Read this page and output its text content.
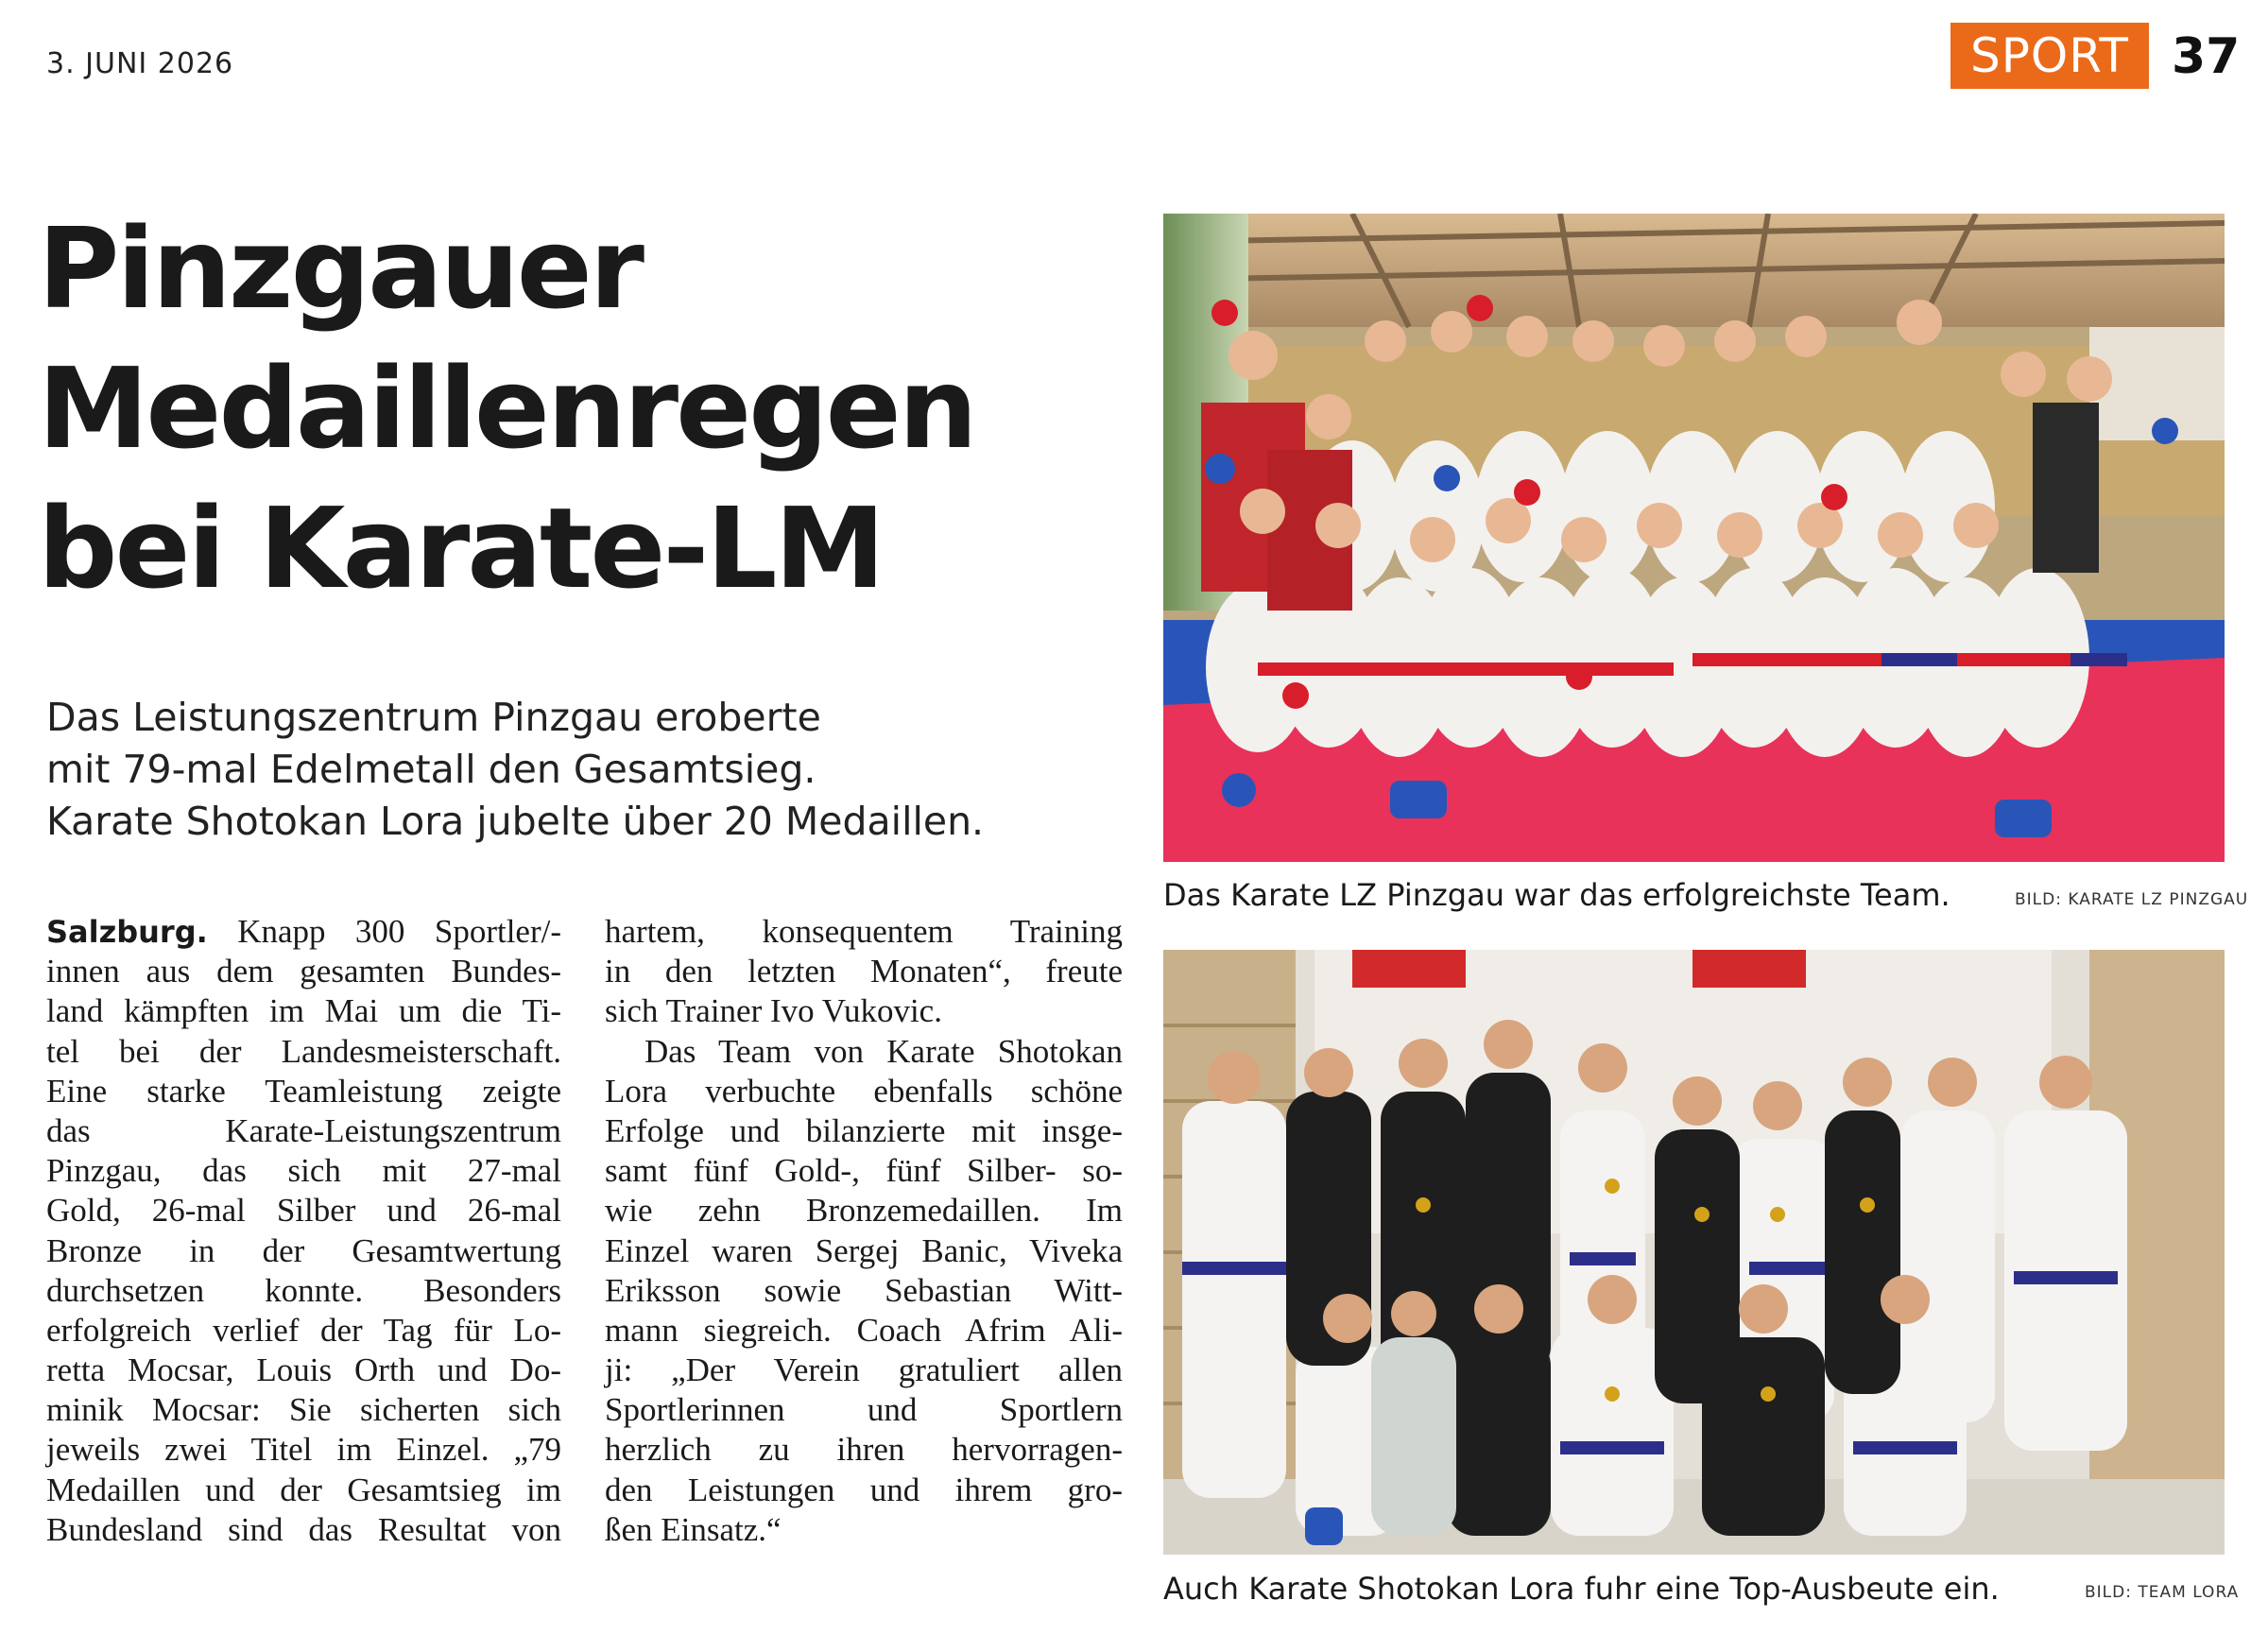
3. JUNI 2026	SPORT 37
Pinzgauer
Medaillenregen
bei Karate-LM
Das Leistungszentrum Pinzgau eroberte
mit 79-mal Edelmetall den Gesamtsieg.
Karate Shotokan Lora jubelte über 20 Medaillen.
Salzburg. Knapp 300 Sportler/-
innen aus dem gesamten Bundes-
land kämpften im Mai um die Ti-
tel bei der Landesmeisterschaft.
Eine starke Teamleistung zeigte
das Karate-Leistungszentrum
Pinzgau, das sich mit 27-mal
Gold, 26-mal Silber und 26-mal
Bronze in der Gesamtwertung
durchsetzen konnte. Besonders
erfolgreich verlief der Tag für Lo-
retta Mocsar, Louis Orth und Do-
minik Mocsar: Sie sicherten sich
jeweils zwei Titel im Einzel. „79
Medaillen und der Gesamtsieg im
Bundesland sind das Resultat von
hartem, konsequentem Training
in den letzten Monaten“, freute
sich Trainer Ivo Vukovic.
Das Team von Karate Shotokan
Lora verbuchte ebenfalls schöne
Erfolge und bilanzierte mit insge-
samt fünf Gold-, fünf Silber- so-
wie zehn Bronzemedaillen. Im
Einzel waren Sergej Banic, Viveka
Eriksson sowie Sebastian Witt-
mann siegreich. Coach Afrim Ali-
ji: „Der Verein gratuliert allen
Sportlerinnen und Sportlern
herzlich zu ihren hervorragen-
den Leistungen und ihrem gro-
ßen Einsatz.“
Das Karate LZ Pinzgau war das erfolgreichste Team.	BILD: KARATE LZ PINZGAU
Auch Karate Shotokan Lora fuhr eine Top-Ausbeute ein.	BILD: TEAM LORA
